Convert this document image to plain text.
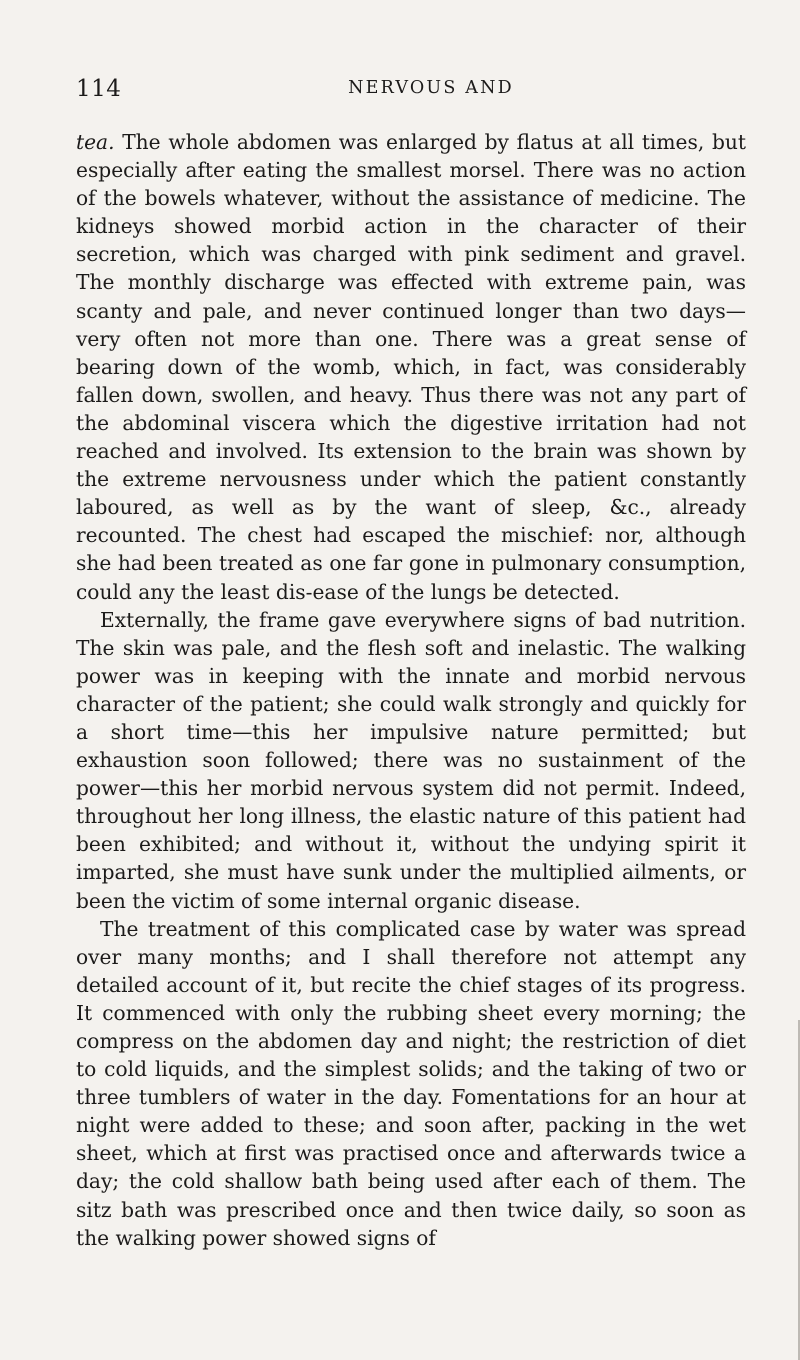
114	NERVOUS AND

tea. The whole abdomen was enlarged by flatus at all times, but especially after eating the smallest morsel. There was no action of the bowels whatever, without the assistance of medicine. The kidneys showed morbid action in the character of their secretion, which was charged with pink sediment and gravel. The monthly discharge was effected with extreme pain, was scanty and pale, and never continued longer than two days—very often not more than one. There was a great sense of bearing down of the womb, which, in fact, was considerably fallen down, swollen, and heavy. Thus there was not any part of the abdominal viscera which the digestive irritation had not reached and involved. Its extension to the brain was shown by the extreme nervousness under which the patient constantly laboured, as well as by the want of sleep, &c., already recounted. The chest had escaped the mischief: nor, although she had been treated as one far gone in pulmonary consumption, could any the least dis-ease of the lungs be detected.

Externally, the frame gave everywhere signs of bad nutrition. The skin was pale, and the flesh soft and inelastic. The walking power was in keeping with the innate and morbid nervous character of the patient; she could walk strongly and quickly for a short time—this her impulsive nature permitted; but exhaustion soon followed; there was no sustainment of the power—this her morbid nervous system did not permit. Indeed, throughout her long illness, the elastic nature of this patient had been exhibited; and without it, without the undying spirit it imparted, she must have sunk under the multiplied ailments, or been the victim of some internal organic disease.

The treatment of this complicated case by water was spread over many months; and I shall therefore not attempt any detailed account of it, but recite the chief stages of its progress. It commenced with only the rubbing sheet every morning; the compress on the abdomen day and night; the restriction of diet to cold liquids, and the simplest solids; and the taking of two or three tumblers of water in the day. Fomentations for an hour at night were added to these; and soon after, packing in the wet sheet, which at first was practised once and afterwards twice a day; the cold shallow bath being used after each of them. The sitz bath was prescribed once and then twice daily, so soon as the walking power showed signs of
